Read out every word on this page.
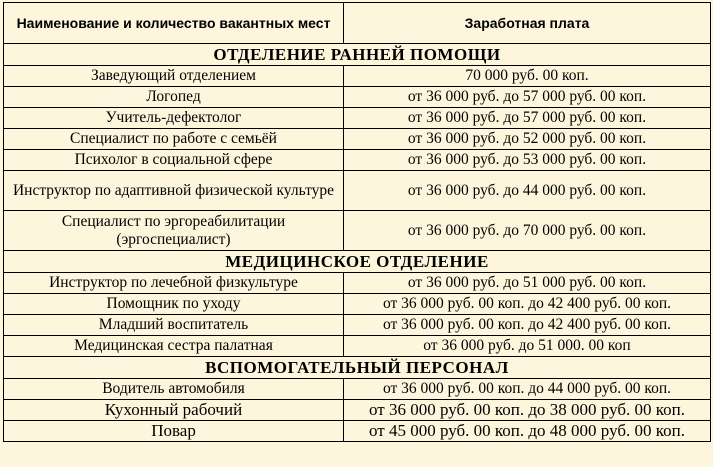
Наименование и количество вакантных мест	Заработная плата
ОТДЕЛЕНИЕ РАННЕЙ ПОМОЩИ	
Заведующий отделением	70 000 руб. 00 коп.
Логопед	от 36 000 руб. до 57 000 руб. 00 коп.
Учитель-дефектолог	от 36 000 руб. до 57 000 руб. 00 коп.
Специалист по работе с семьёй	от 36 000 руб. до 52 000 руб. 00 коп.
Психолог в социальной сфере	от 36 000 руб. до 53 000 руб. 00 коп.
Инструктор по адаптивной физической культуре	от 36 000 руб. до 44 000 руб. 00 коп.
Специалист по эргореабилитации (эргоспециалист)	от 36 000 руб. до 70 000 руб. 00 коп.
МЕДИЦИНСКОЕ ОТДЕЛЕНИЕ	
Инструктор по лечебной физкультуре	от 36 000 руб. до 51 000 руб. 00 коп.
Помощник по уходу	от 36 000 руб. 00 коп. до 42 400 руб. 00 коп.
Младший воспитатель	от 36 000 руб. 00 коп. до 42 400 руб. 00 коп.
Медицинская сестра палатная	от 36 000 руб. до 51 000. 00 коп
ВСПОМОГАТЕЛЬНЫЙ ПЕРСОНАЛ	
Водитель автомобиля	от 36 000 руб. 00 коп. до 44 000 руб. 00 коп.
Кухонный рабочий	от 36 000 руб. 00 коп. до 38 000 руб. 00 коп.
Повар	от 45 000 руб. 00 коп. до 48 000 руб. 00 коп.
